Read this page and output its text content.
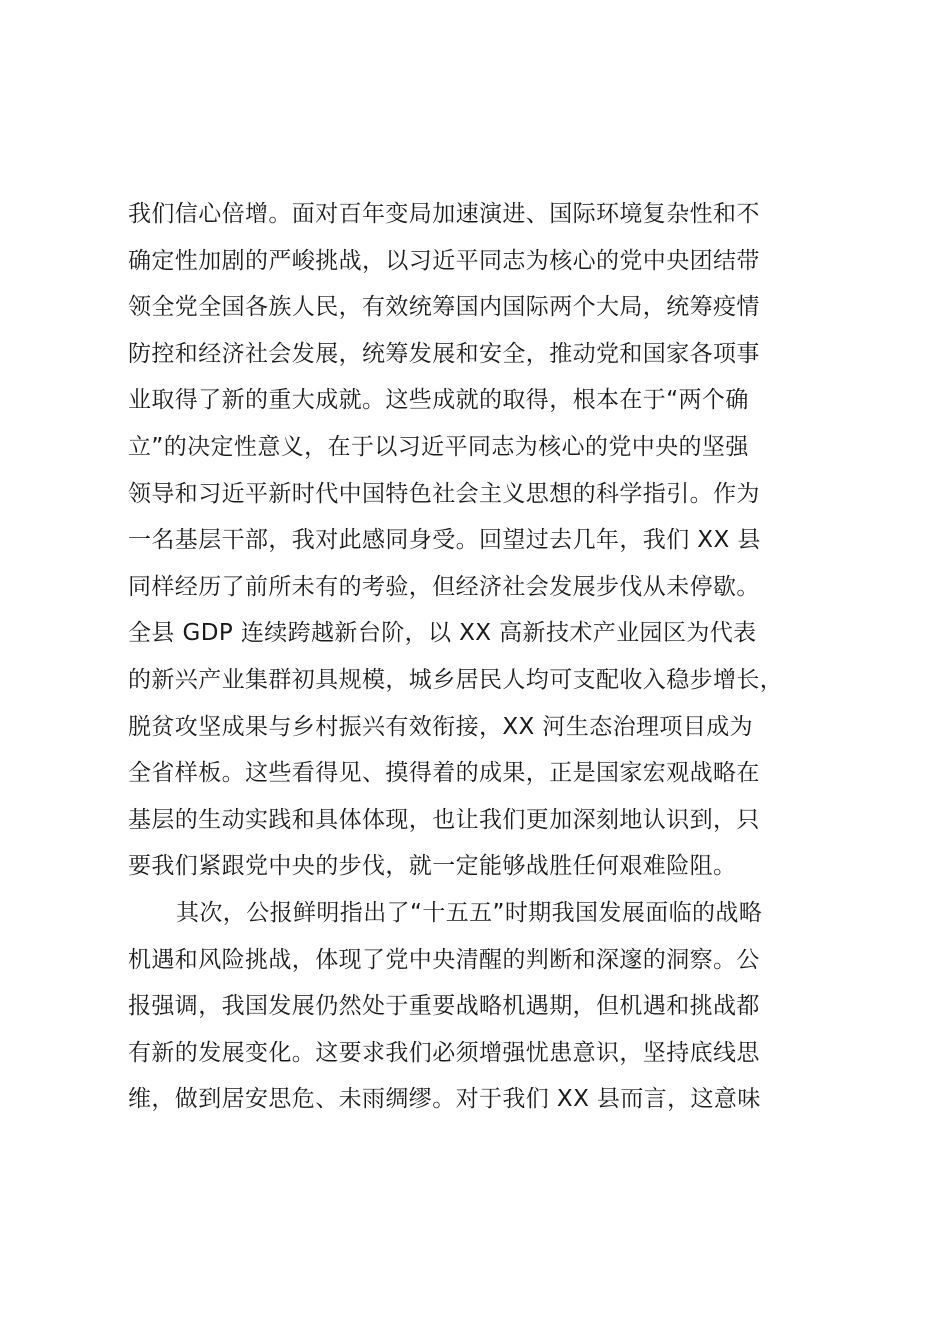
我们信心倍增。面对百年变局加速演进、国际环境复杂性和不
确定性加剧的严峻挑战，以习近平同志为核心的党中央团结带
领全党全国各族人民，有效统筹国内国际两个大局，统筹疫情
防控和经济社会发展，统筹发展和安全，推动党和国家各项事
业取得了新的重大成就。这些成就的取得，根本在于“两个确
立”的决定性意义，在于以习近平同志为核心的党中央的坚强
领导和习近平新时代中国特色社会主义思想的科学指引。作为
一名基层干部，我对此感同身受。回望过去几年，我们 XX 县
同样经历了前所未有的考验，但经济社会发展步伐从未停歇。
全县 GDP 连续跨越新台阶，以 XX 高新技术产业园区为代表
的新兴产业集群初具规模，城乡居民人均可支配收入稳步增长，
脱贫攻坚成果与乡村振兴有效衔接，XX 河生态治理项目成为
全省样板。这些看得见、摸得着的成果，正是国家宏观战略在
基层的生动实践和具体体现，也让我们更加深刻地认识到，只
要我们紧跟党中央的步伐，就一定能够战胜任何艰难险阻。
其次，公报鲜明指出了“十五五”时期我国发展面临的战略
机遇和风险挑战，体现了党中央清醒的判断和深邃的洞察。公
报强调，我国发展仍然处于重要战略机遇期，但机遇和挑战都
有新的发展变化。这要求我们必须增强忧患意识，坚持底线思
维，做到居安思危、未雨绸缪。对于我们 XX 县而言，这意味
